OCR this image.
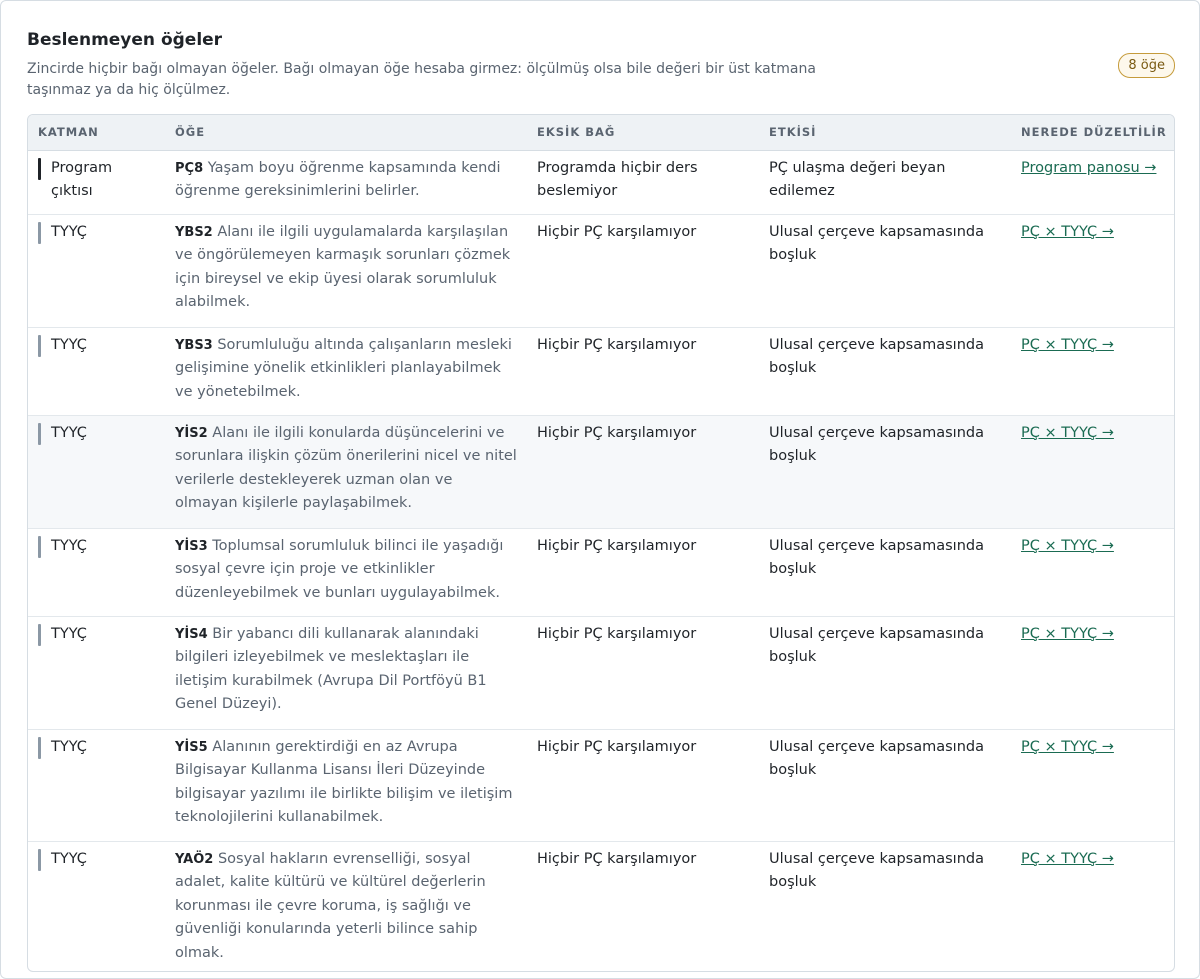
Beslenmeyen öğeler

Zincirde hiçbir bağı olmayan öğeler. Bağı olmayan öğe hesaba girmez: ölçülmüş olsa bile değeri bir üst katmana taşınmaz ya da hiç ölçülmez.

8 öğe
KATMAN	ÖĞE	EKSİK BAĞ	ETKİSİ	NEREDE DÜZELTİLİR

Program çıktısı	PÇ8 Yaşam boyu öğrenme kapsamında kendi öğrenme gereksinimlerini belirler.	Programda hiçbir ders beslemiyor	PÇ ulaşma değeri beyan edilemez	Program panosu →

TYYÇ	YBS2 Alanı ile ilgili uygulamalarda karşılaşılan ve öngörülemeyen karmaşık sorunları çözmek için bireysel ve ekip üyesi olarak sorumluluk alabilmek.	Hiçbir PÇ karşılamıyor	Ulusal çerçeve kapsamasında boşluk	PÇ × TYYÇ →

TYYÇ	YBS3 Sorumluluğu altında çalışanların mesleki gelişimine yönelik etkinlikleri planlayabilmek ve yönetebilmek.	Hiçbir PÇ karşılamıyor	Ulusal çerçeve kapsamasında boşluk	PÇ × TYYÇ →

TYYÇ	YİS2 Alanı ile ilgili konularda düşüncelerini ve sorunlara ilişkin çözüm önerilerini nicel ve nitel verilerle destekleyerek uzman olan ve olmayan kişilerle paylaşabilmek.	Hiçbir PÇ karşılamıyor	Ulusal çerçeve kapsamasında boşluk	PÇ × TYYÇ →

TYYÇ	YİS3 Toplumsal sorumluluk bilinci ile yaşadığı sosyal çevre için proje ve etkinlikler düzenleyebilmek ve bunları uygulayabilmek.	Hiçbir PÇ karşılamıyor	Ulusal çerçeve kapsamasında boşluk	PÇ × TYYÇ →

TYYÇ	YİS4 Bir yabancı dili kullanarak alanındaki bilgileri izleyebilmek ve meslektaşları ile iletişim kurabilmek (Avrupa Dil Portföyü B1 Genel Düzeyi).	Hiçbir PÇ karşılamıyor	Ulusal çerçeve kapsamasında boşluk	PÇ × TYYÇ →

TYYÇ	YİS5 Alanının gerektirdiği en az Avrupa Bilgisayar Kullanma Lisansı İleri Düzeyinde bilgisayar yazılımı ile birlikte bilişim ve iletişim teknolojilerini kullanabilmek.	Hiçbir PÇ karşılamıyor	Ulusal çerçeve kapsamasında boşluk	PÇ × TYYÇ →

TYYÇ	YAÖ2 Sosyal hakların evrenselliği, sosyal adalet, kalite kültürü ve kültürel değerlerin korunması ile çevre koruma, iş sağlığı ve güvenliği konularında yeterli bilince sahip olmak.	Hiçbir PÇ karşılamıyor	Ulusal çerçeve kapsamasında boşluk	PÇ × TYYÇ →
